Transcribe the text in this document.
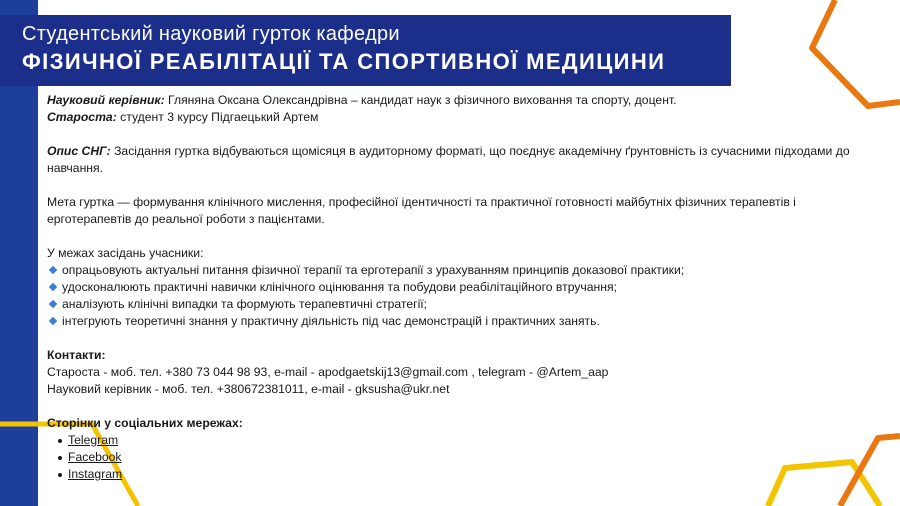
Студентський науковий гурток кафедри
ФІЗИЧНОЇ РЕАБІЛІТАЦІЇ ТА СПОРТИВНОЇ МЕДИЦИНИ

Науковий керівник: Гляняна Оксана Олександрівна – кандидат наук з фізичного виховання та спорту, доцент.

Староста: студент 3 курсу Підгаецький Артем

Опис СНГ: Засідання гуртка відбуваються щомісяця в аудиторному форматі, що поєднує академічну ґрунтовність із сучасними підходами до навчання.

Мета гуртка — формування клінічного мислення, професійної ідентичності та практичної готовності майбутніх фізичних терапевтів і ерготерапевтів до реальної роботи з пацієнтами.

У межах засідань учасники:

опрацьовують актуальні питання фізичної терапії та ерготерапії з урахуванням принципів доказової практики;
удосконалюють практичні навички клінічного оцінювання та побудови реабілітаційного втручання;
аналізують клінічні випадки та формують терапевтичні стратегії;
інтегрують теоретичні знання у практичну діяльність під час демонстрацій і практичних занять.

Контакти:

Староста - моб. тел. +380 73 044 98 93, e-mail - apodgaetskij13@gmail.com , telegram - @Artem_aap

Науковий керівник - моб. тел. +380672381011, e-mail - gksusha@ukr.net

Сторінки у соціальних мережах:

Telegram
Facebook
Instagram
